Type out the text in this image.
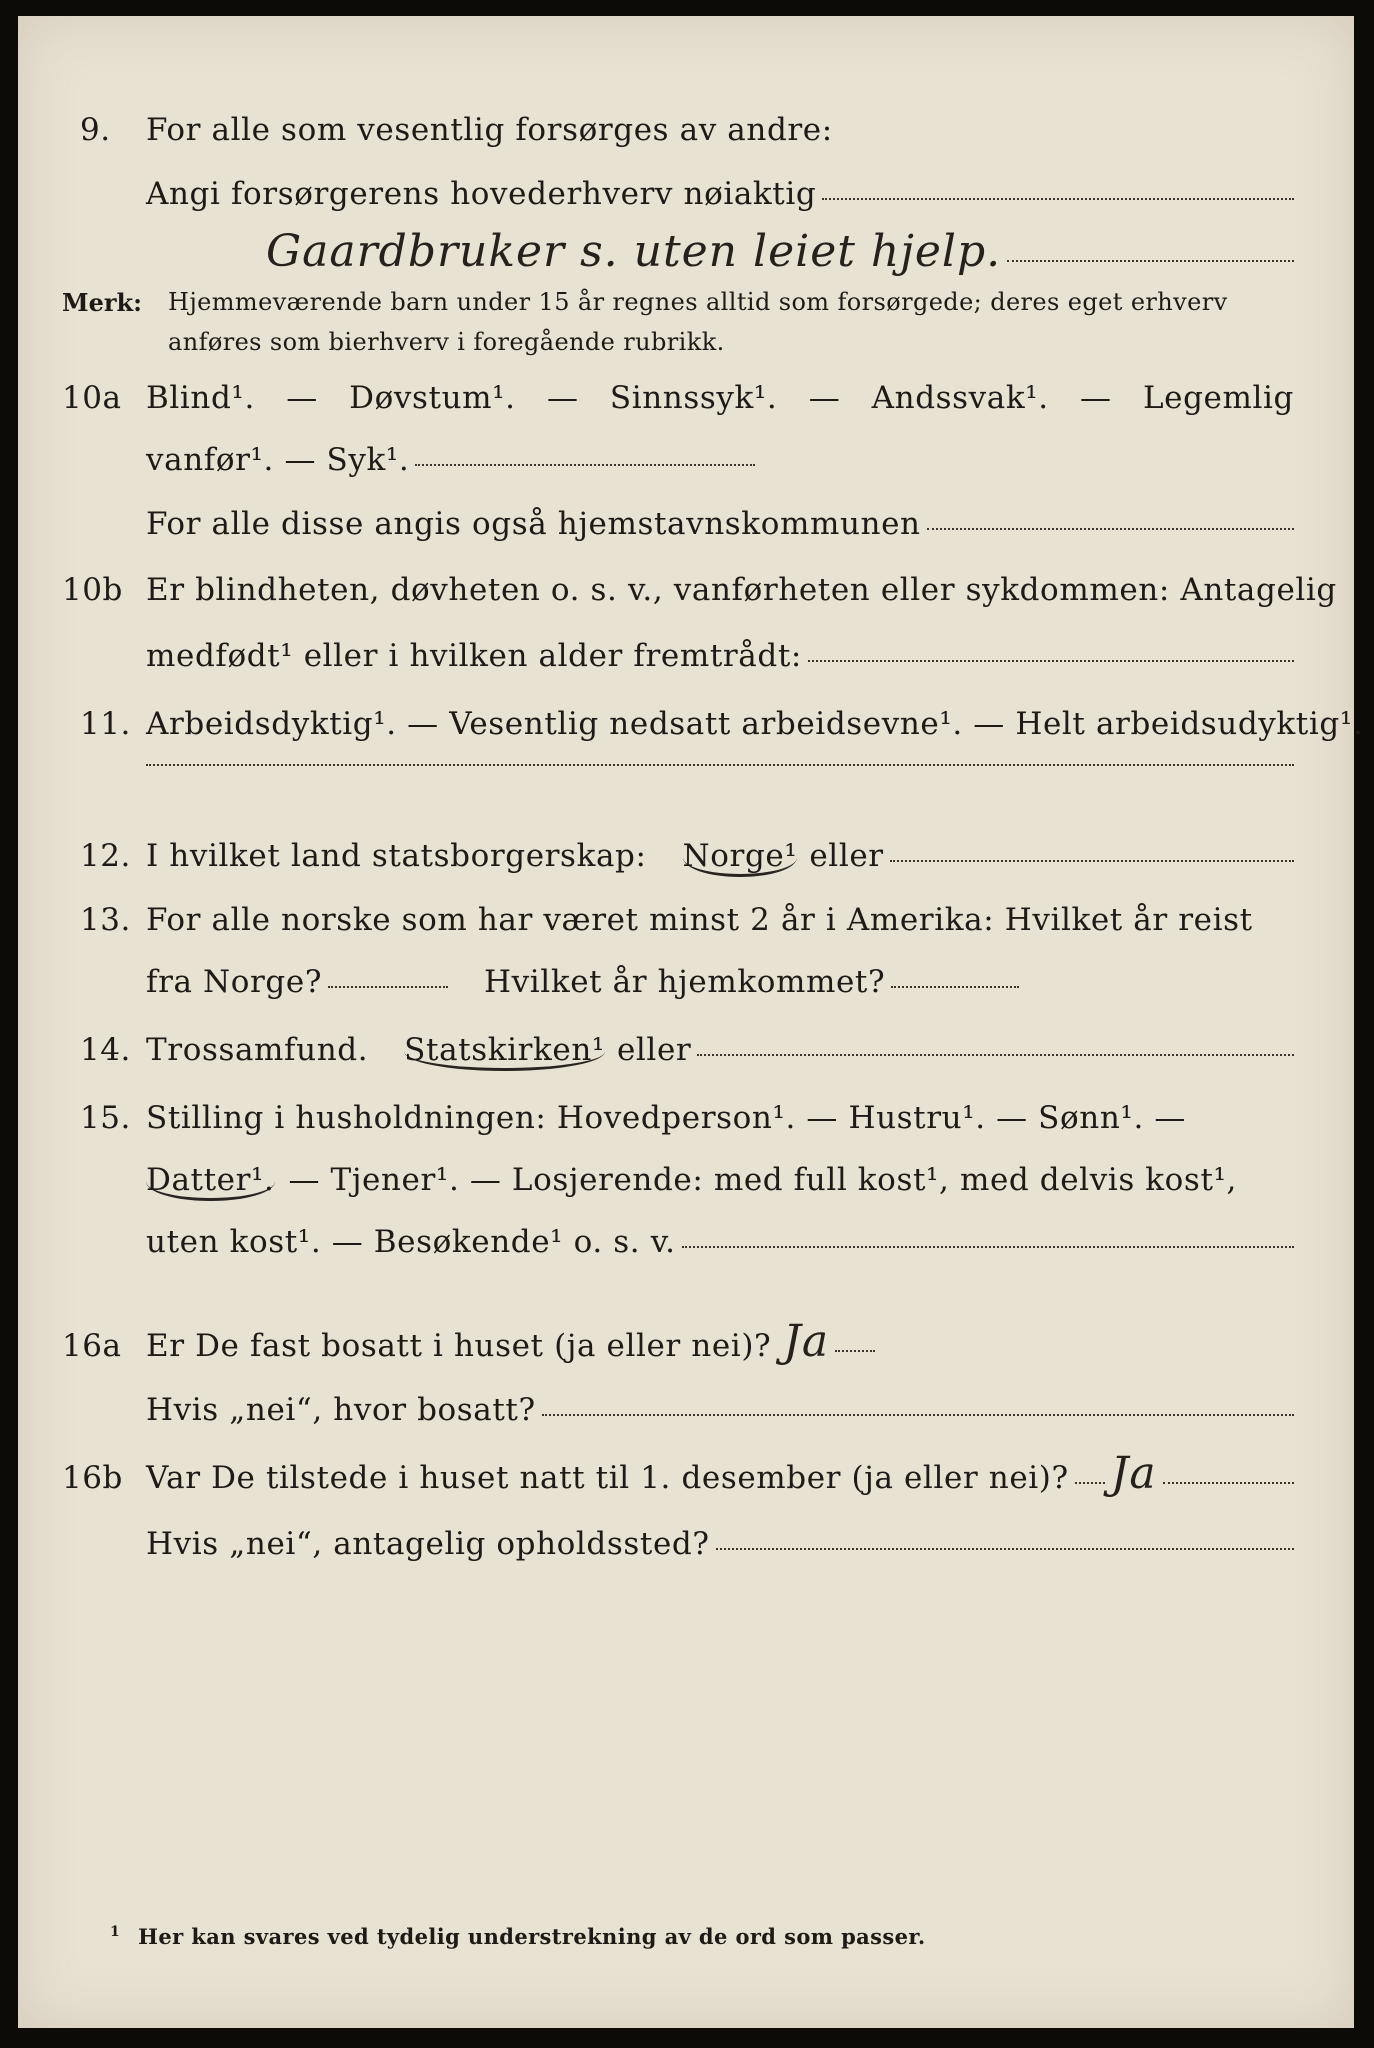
9. For alle som vesentlig forsørges av andre:
Angi forsørgerens hovederhverv nøiaktig
Gaardbruker s. uten leiet hjelp.
Merk: Hjemmeværende barn under 15 år regnes alltid som forsørgede; deres eget erhverv
anføres som bierhverv i foregående rubrikk.
10a Blind¹. — Døvstum¹. — Sinnssyk¹. — Andssvak¹. — Legemlig
vanfør¹. — Syk¹.
For alle disse angis også hjemstavnskommunen
10b Er blindheten, døvheten o. s. v., vanførheten eller sykdommen: Antagelig
medfødt¹ eller i hvilken alder fremtrådt:
11. Arbeidsdyktig¹. — Vesentlig nedsatt arbeidsevne¹. — Helt arbeidsudyktig¹.
12. I hvilket land statsborgerskap: Norge¹ eller
13. For alle norske som har været minst 2 år i Amerika: Hvilket år reist
fra Norge?	Hvilket år hjemkommet?
14. Trossamfund. Statskirken¹ eller
15. Stilling i husholdningen: Hovedperson¹. — Hustru¹. — Sønn¹. —
Datter¹. — Tjener¹. — Losjerende: med full kost¹, med delvis kost¹,
uten kost¹. — Besøkende¹ o. s. v.
16a Er De fast bosatt i huset (ja eller nei)? Ja
Hvis „nei“, hvor bosatt?
16b Var De tilstede i huset natt til 1. desember (ja eller nei)? Ja
Hvis „nei“, antagelig opholdssted?
$^1$ Her kan svares ved tydelig understrekning av de ord som passer.
